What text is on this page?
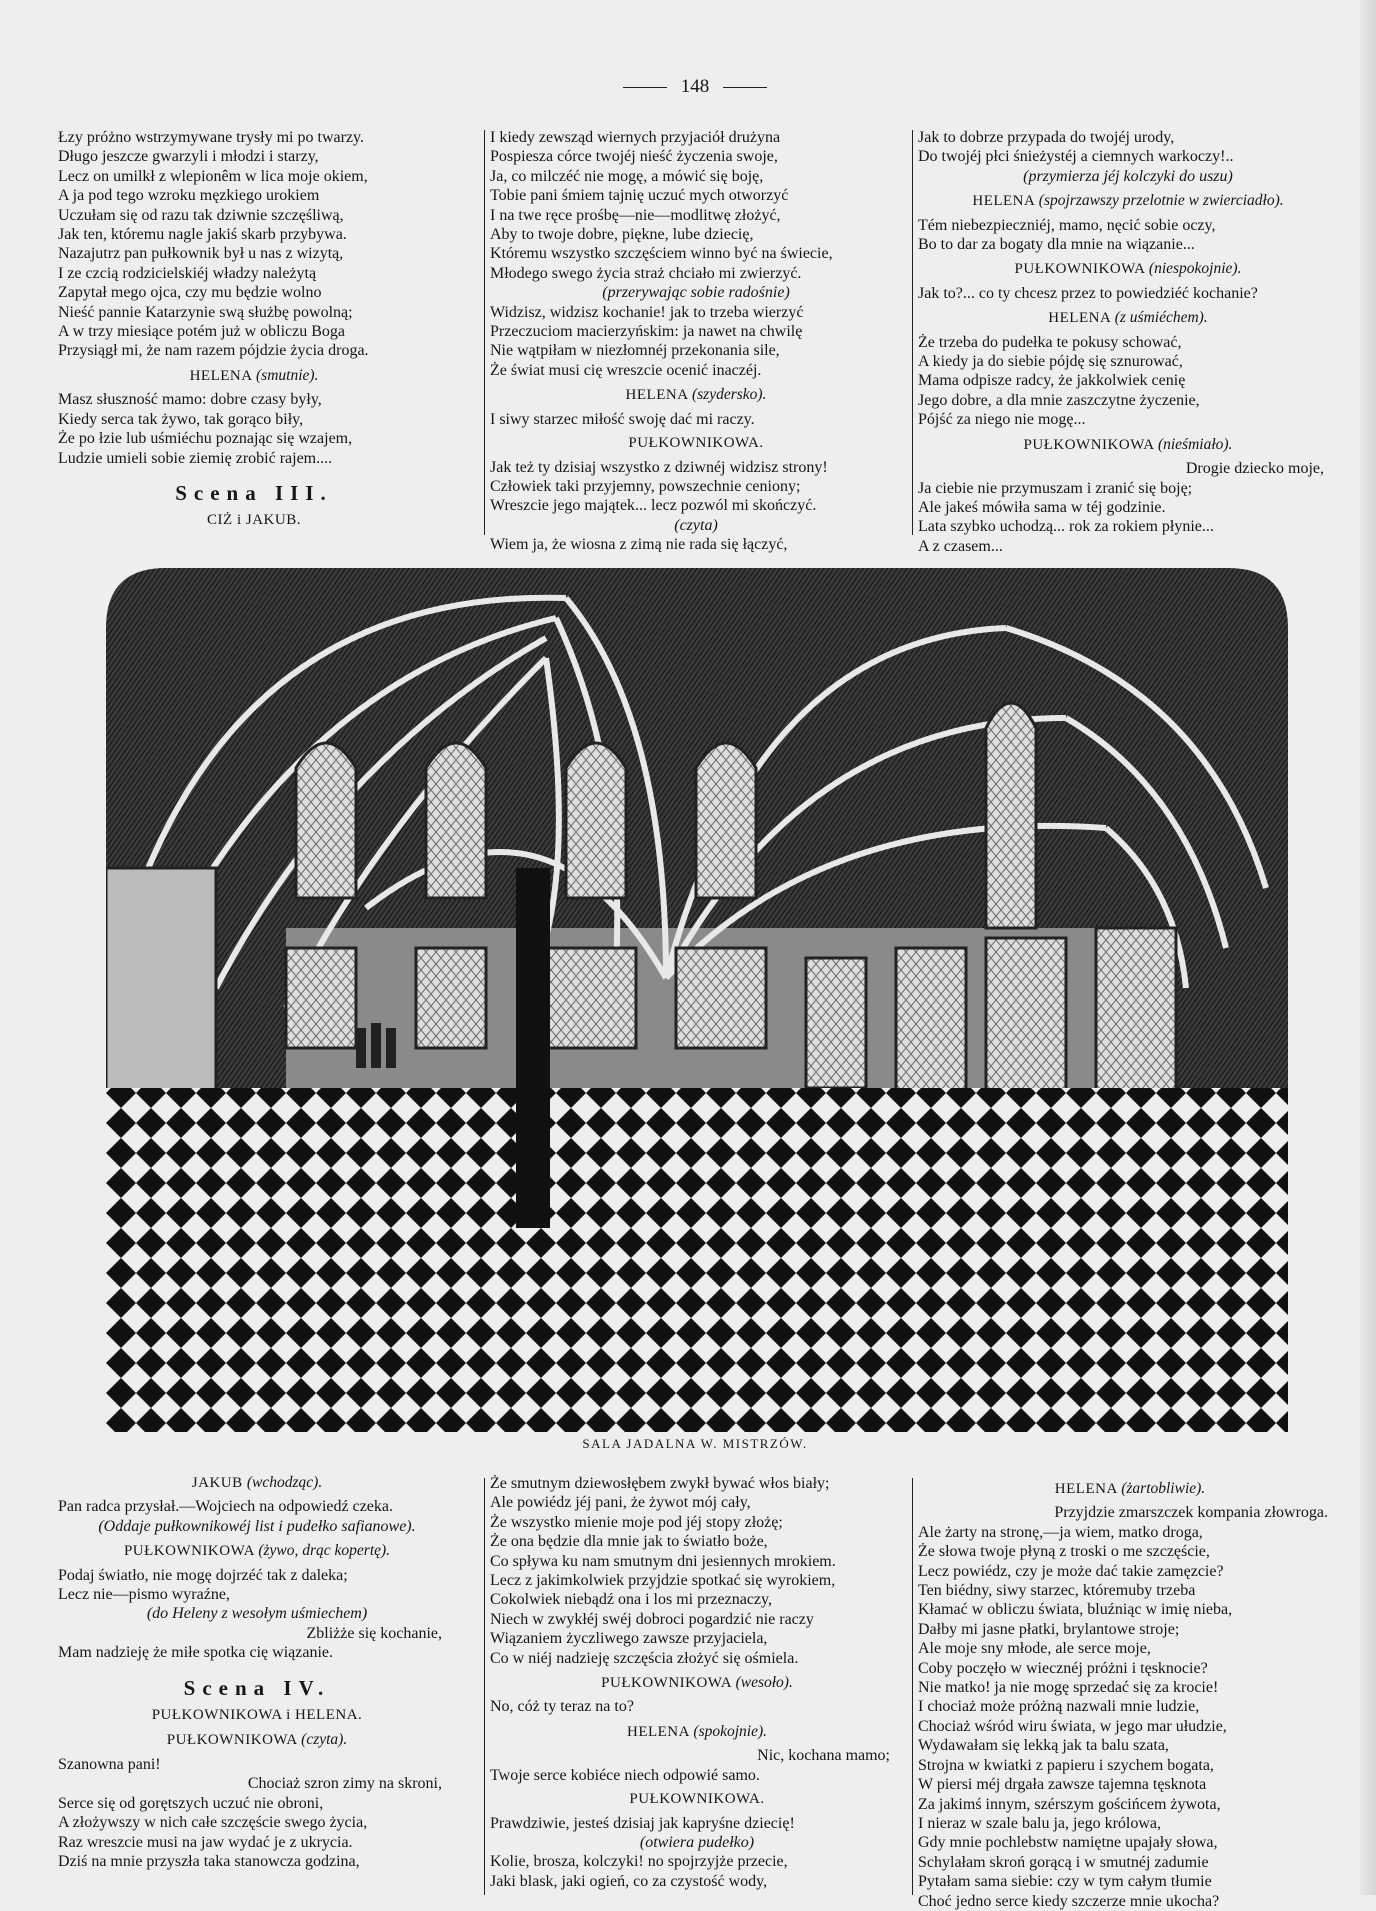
148
Łzy próżno wstrzymywane trysły mi po twarzy.
Długo jeszcze gwarzyli i młodzi i starzy,
Lecz on umilkł z wlepionêm w lica moje okiem,
A ja pod tego wzroku męzkiego urokiem
Uczułam się od razu tak dziwnie szczęśliwą,
Jak ten, któremu nagle jakiś skarb przybywa.
Nazajutrz pan pułkownik był u nas z wizytą,
I ze czcią rodzicielskiéj władzy należytą
Zapytał mego ojca, czy mu będzie wolno
Nieść pannie Katarzynie swą służbę powolną;
A w trzy miesiące potém już w obliczu Boga
Przysiągł mi, że nam razem pójdzie życia droga.
HELENA (smutnie).
Masz słuszność mamo: dobre czasy były,
Kiedy serca tak żywo, tak gorąco biły,
Że po łzie lub uśmiéchu poznając się wzajem,
Ludzie umieli sobie ziemię zrobić rajem....
Scena III.
CIŻ i JAKUB.
I kiedy zewsząd wiernych przyjaciół drużyna
Pospiesza córce twojéj nieść życzenia swoje,
Ja, co milczéć nie mogę, a mówić się boję,
Tobie pani śmiem tajnię uczuć mych otworzyć
I na twe ręce prośbę—nie—modlitwę złożyć,
Aby to twoje dobre, piękne, lube dziecię,
Któremu wszystko szczęściem winno być na świecie,
Młodego swego życia straż chciało mi zwierzyć.
(przerywając sobie radośnie)
Widzisz, widzisz kochanie! jak to trzeba wierzyć
Przeczuciom macierzyńskim: ja nawet na chwilę
Nie wątpiłam w niezłomnéj przekonania sile,
Że świat musi cię wreszcie ocenić inaczéj.
HELENA (szydersko).
I siwy starzec miłość swoję dać mi raczy.
PUŁKOWNIKOWA.
Jak też ty dzisiaj wszystko z dziwnéj widzisz strony!
Człowiek taki przyjemny, powszechnie ceniony;
Wreszcie jego majątek... lecz pozwól mi skończyć.
(czyta)
Wiem ja, że wiosna z zimą nie rada się łączyć,
Jak to dobrze przypada do twojéj urody,
Do twojéj płci śnieżystéj a ciemnych warkoczy!..
(przymierza jéj kolczyki do uszu)
HELENA (spojrzawszy przelotnie w zwierciadło).
Tém niebezpieczniéj, mamo, nęcić sobie oczy,
Bo to dar za bogaty dla mnie na wiązanie...
PUŁKOWNIKOWA (niespokojnie).
Jak to?... co ty chcesz przez to powiedziéć kochanie?
HELENA (z uśmiéchem).
Że trzeba do pudełka te pokusy schować,
A kiedy ja do siebie pójdę się sznurować,
Mama odpisze radcy, że jakkolwiek cenię
Jego dobre, a dla mnie zaszczytne życzenie,
Pójść za niego nie mogę...
PUŁKOWNIKOWA (nieśmiało).
Drogie dziecko moje,
Ja ciebie nie przymuszam i zranić się boję;
Ale jakeś mówiła sama w téj godzinie.
Lata szybko uchodzą... rok za rokiem płynie...
A z czasem...
SALA JADALNA W. MISTRZÓW.
JAKUB (wchodząc).
Pan radca przysłał.—Wojciech na odpowiedź czeka.
(Oddaje pułkownikowéj list i pudełko safianowe).
PUŁKOWNIKOWA (żywo, drąc kopertę).
Podaj światło, nie mogę dojrzéć tak z daleka;
Lecz nie—pismo wyraźne,
(do Heleny z wesołym uśmiechem)
Zbliżże się kochanie,
Mam nadzieję że miłe spotka cię wiązanie.
Scena IV.
PUŁKOWNIKOWA i HELENA.
PUŁKOWNIKOWA (czyta).
Szanowna pani!
Chociaż szron zimy na skroni,
Serce się od gorętszych uczuć nie obroni,
A złożywszy w nich całe szczęście swego życia,
Raz wreszcie musi na jaw wydać je z ukrycia.
Dziś na mnie przyszła taka stanowcza godzina,
Że smutnym dziewosłębem zwykł bywać włos biały;
Ale powiédz jéj pani, że żywot mój cały,
Że wszystko mienie moje pod jéj stopy złożę;
Że ona będzie dla mnie jak to światło boże,
Co spływa ku nam smutnym dni jesiennych mrokiem.
Lecz z jakimkolwiek przyjdzie spotkać się wyrokiem,
Cokolwiek niebądź ona i los mi przeznaczy,
Niech w zwykłéj swéj dobroci pogardzić nie raczy
Wiązaniem życzliwego zawsze przyjaciela,
Co w niéj nadzieję szczęścia złożyć się ośmiela.
PUŁKOWNIKOWA (wesoło).
No, cóż ty teraz na to?
HELENA (spokojnie).
Nic, kochana mamo;
Twoje serce kobiéce niech odpowié samo.
PUŁKOWNIKOWA.
Prawdziwie, jesteś dzisiaj jak kapryśne dziecię!
(otwiera pudełko)
Kolie, brosza, kolczyki! no spojrzyjże przecie,
Jaki blask, jaki ogień, co za czystość wody,
HELENA (żartobliwie).
Przyjdzie zmarszczek kompania złowroga.
Ale żarty na stronę,—ja wiem, matko droga,
Że słowa twoje płyną z troski o me szczęście,
Lecz powiédz, czy je może dać takie zamęzcie?
Ten biédny, siwy starzec, któremuby trzeba
Kłamać w obliczu świata, bluźniąc w imię nieba,
Dałby mi jasne płatki, brylantowe stroje;
Ale moje sny młode, ale serce moje,
Coby poczęło w wiecznéj próżni i tęsknocie?
Nie matko! ja nie mogę sprzedać się za krocie!
I chociaż może próżną nazwali mnie ludzie,
Chociaż wśród wiru świata, w jego mar ułudzie,
Wydawałam się lekką jak ta balu szata,
Strojna w kwiatki z papieru i szychem bogata,
W piersi méj drgała zawsze tajemna tęsknota
Za jakimś innym, szérszym gościńcem żywota,
I nieraz w szale balu ja, jego królowa,
Gdy mnie pochlebstw namiętne upajały słowa,
Schylałam skroń gorącą i w smutnéj zadumie
Pytałam sama siebie: czy w tym całym tłumie
Choć jedno serce kiedy szczerze mnie ukocha?
